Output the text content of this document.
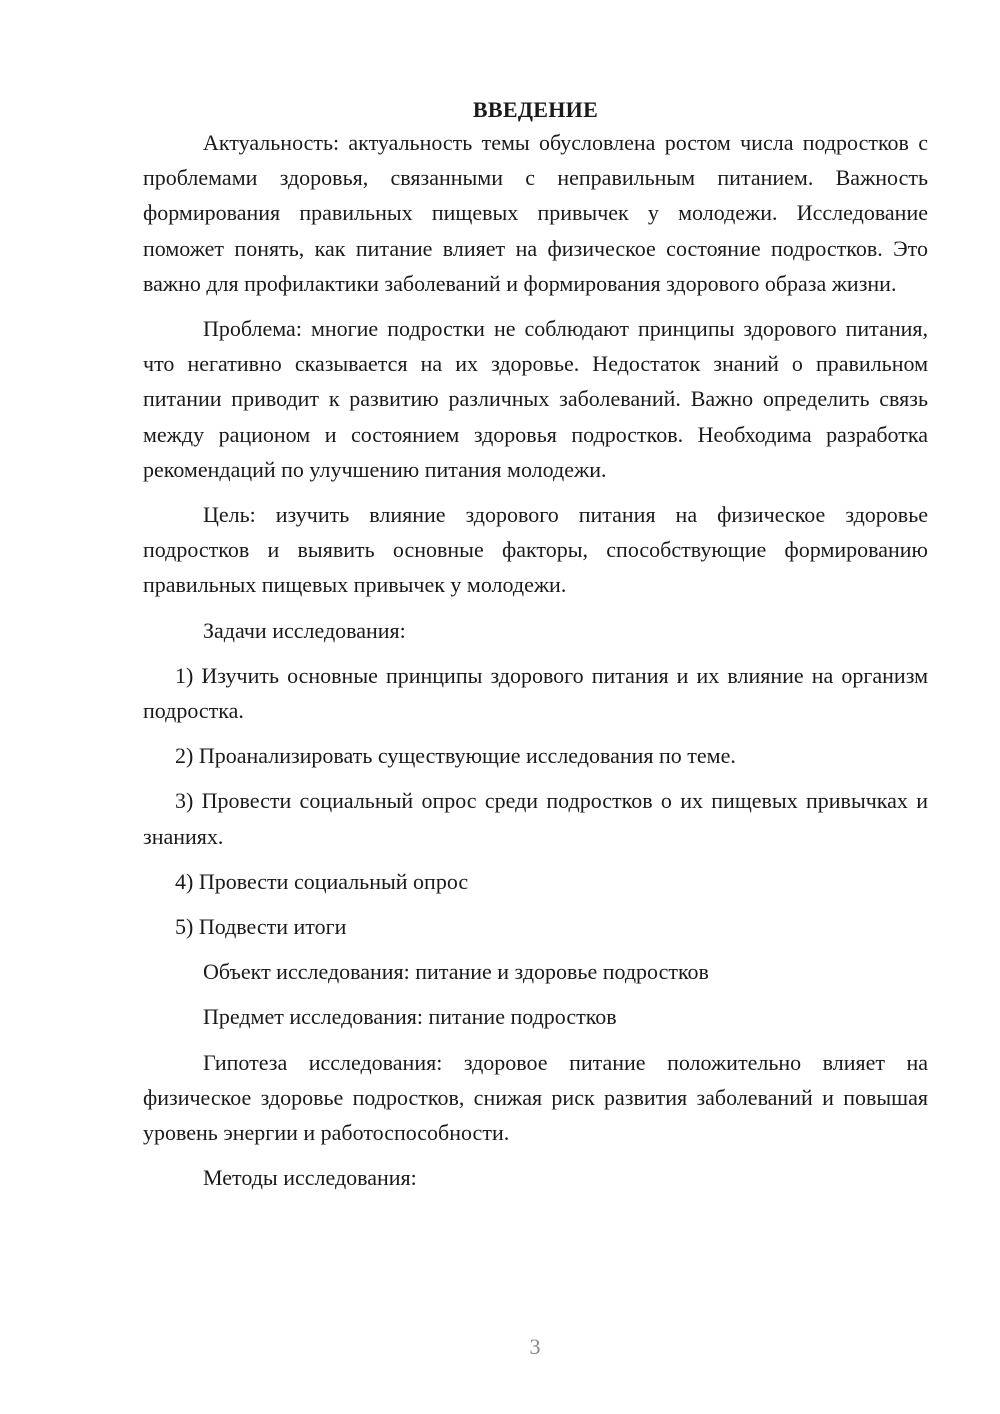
ВВЕДЕНИЕ

Актуальность: актуальность темы обусловлена ростом числа подростков с проблемами здоровья, связанными с неправильным питанием. Важность формирования правильных пищевых привычек у молодежи. Исследование поможет понять, как питание влияет на физическое состояние подростков. Это важно для профилактики заболеваний и формирования здорового образа жизни.

Проблема: многие подростки не соблюдают принципы здорового питания, что негативно сказывается на их здоровье. Недостаток знаний о правильном питании приводит к развитию различных заболеваний. Важно определить связь между рационом и состоянием здоровья подростков. Необходима разработка рекомендаций по улучшению питания молодежи.

Цель: изучить влияние здорового питания на физическое здоровье подростков и выявить основные факторы, способствующие формированию правильных пищевых привычек у молодежи.

Задачи исследования:

1) Изучить основные принципы здорового питания и их влияние на организм подростка.

2) Проанализировать существующие исследования по теме.

3) Провести социальный опрос среди подростков о их пищевых привычках и знаниях.

4) Провести социальный опрос

5) Подвести итоги

Объект исследования: питание и здоровье подростков

Предмет исследования: питание подростков

Гипотеза исследования: здоровое питание положительно влияет на физическое здоровье подростков, снижая риск развития заболеваний и повышая уровень энергии и работоспособности.

Методы исследования:

3
